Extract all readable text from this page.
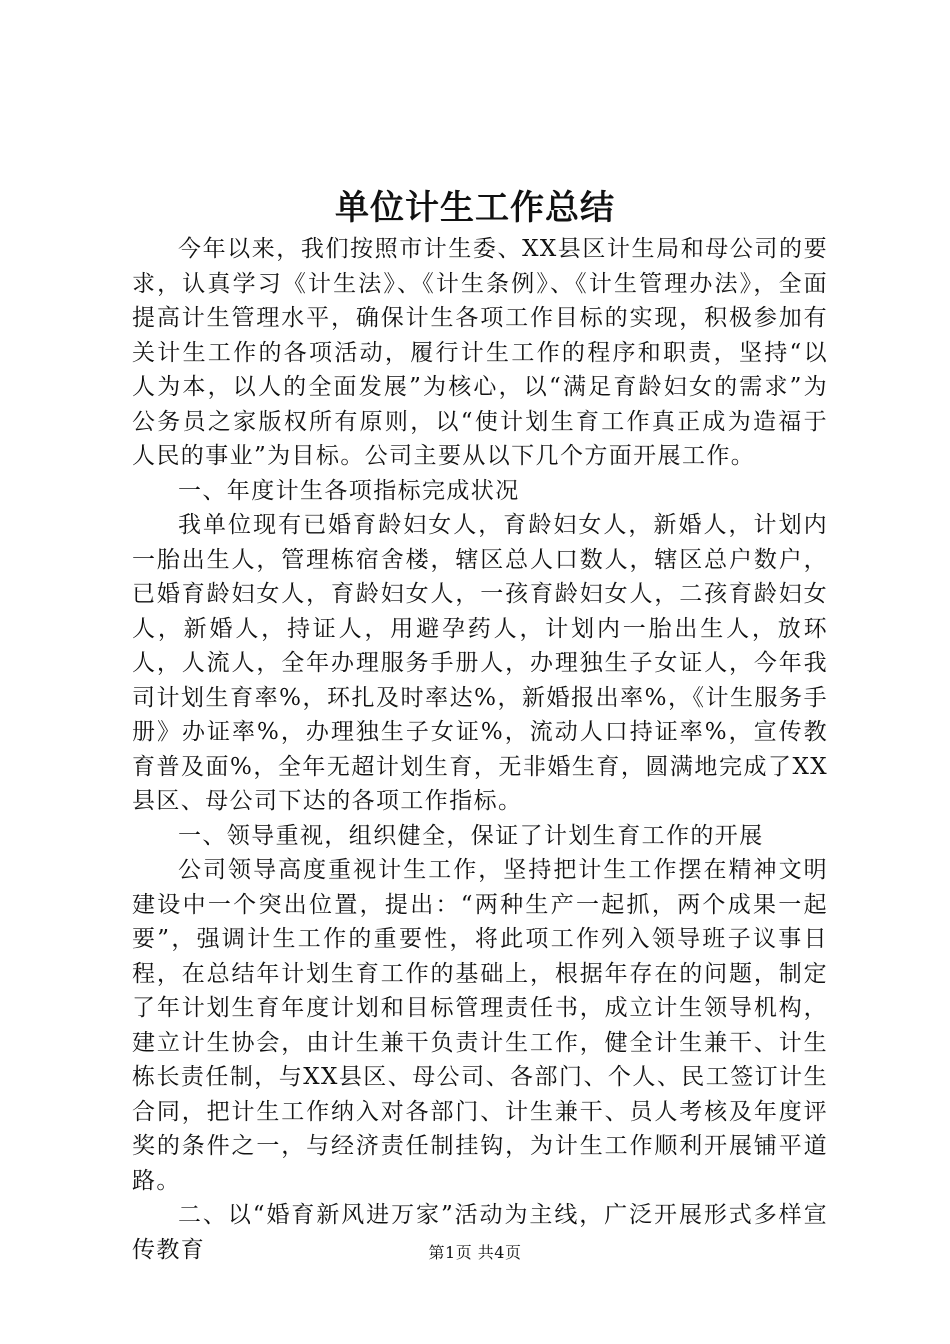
单位计生工作总结

今年以来，我们按照市计生委、XX县区计生局和母公司的要求，认真学习《计生法》、《计生条例》、《计生管理办法》，全面提高计生管理水平，确保计生各项工作目标的实现，积极参加有关计生工作的各项活动，履行计生工作的程序和职责，坚持“以人为本，以人的全面发展”为核心，以“满足育龄妇女的需求”为公务员之家版权所有原则，以“使计划生育工作真正成为造福于人民的事业”为目标。公司主要从以下几个方面开展工作。

一、年度计生各项指标完成状况

我单位现有已婚育龄妇女人，育龄妇女人，新婚人，计划内一胎出生人，管理栋宿舍楼，辖区总人口数人，辖区总户数户，已婚育龄妇女人，育龄妇女人，一孩育龄妇女人，二孩育龄妇女人，新婚人，持证人，用避孕药人，计划内一胎出生人，放环人，人流人，全年办理服务手册人，办理独生子女证人，今年我司计划生育率%，环扎及时率达%，新婚报出率%，《计生服务手册》办证率%，办理独生子女证%，流动人口持证率%，宣传教育普及面%，全年无超计划生育，无非婚生育，圆满地完成了XX县区、母公司下达的各项工作指标。

一、领导重视，组织健全，保证了计划生育工作的开展

公司领导高度重视计生工作，坚持把计生工作摆在精神文明建设中一个突出位置，提出：“两种生产一起抓，两个成果一起要”，强调计生工作的重要性，将此项工作列入领导班子议事日程，在总结年计划生育工作的基础上，根据年存在的问题，制定了年计划生育年度计划和目标管理责任书，成立计生领导机构，建立计生协会，由计生兼干负责计生工作，健全计生兼干、计生栋长责任制，与XX县区、母公司、各部门、个人、民工签订计生合同，把计生工作纳入对各部门、计生兼干、员人考核及年度评奖的条件之一，与经济责任制挂钩，为计生工作顺利开展铺平道路。

二、以“婚育新风进万家”活动为主线，广泛开展形式多样宣传教育	第1页 共4页
